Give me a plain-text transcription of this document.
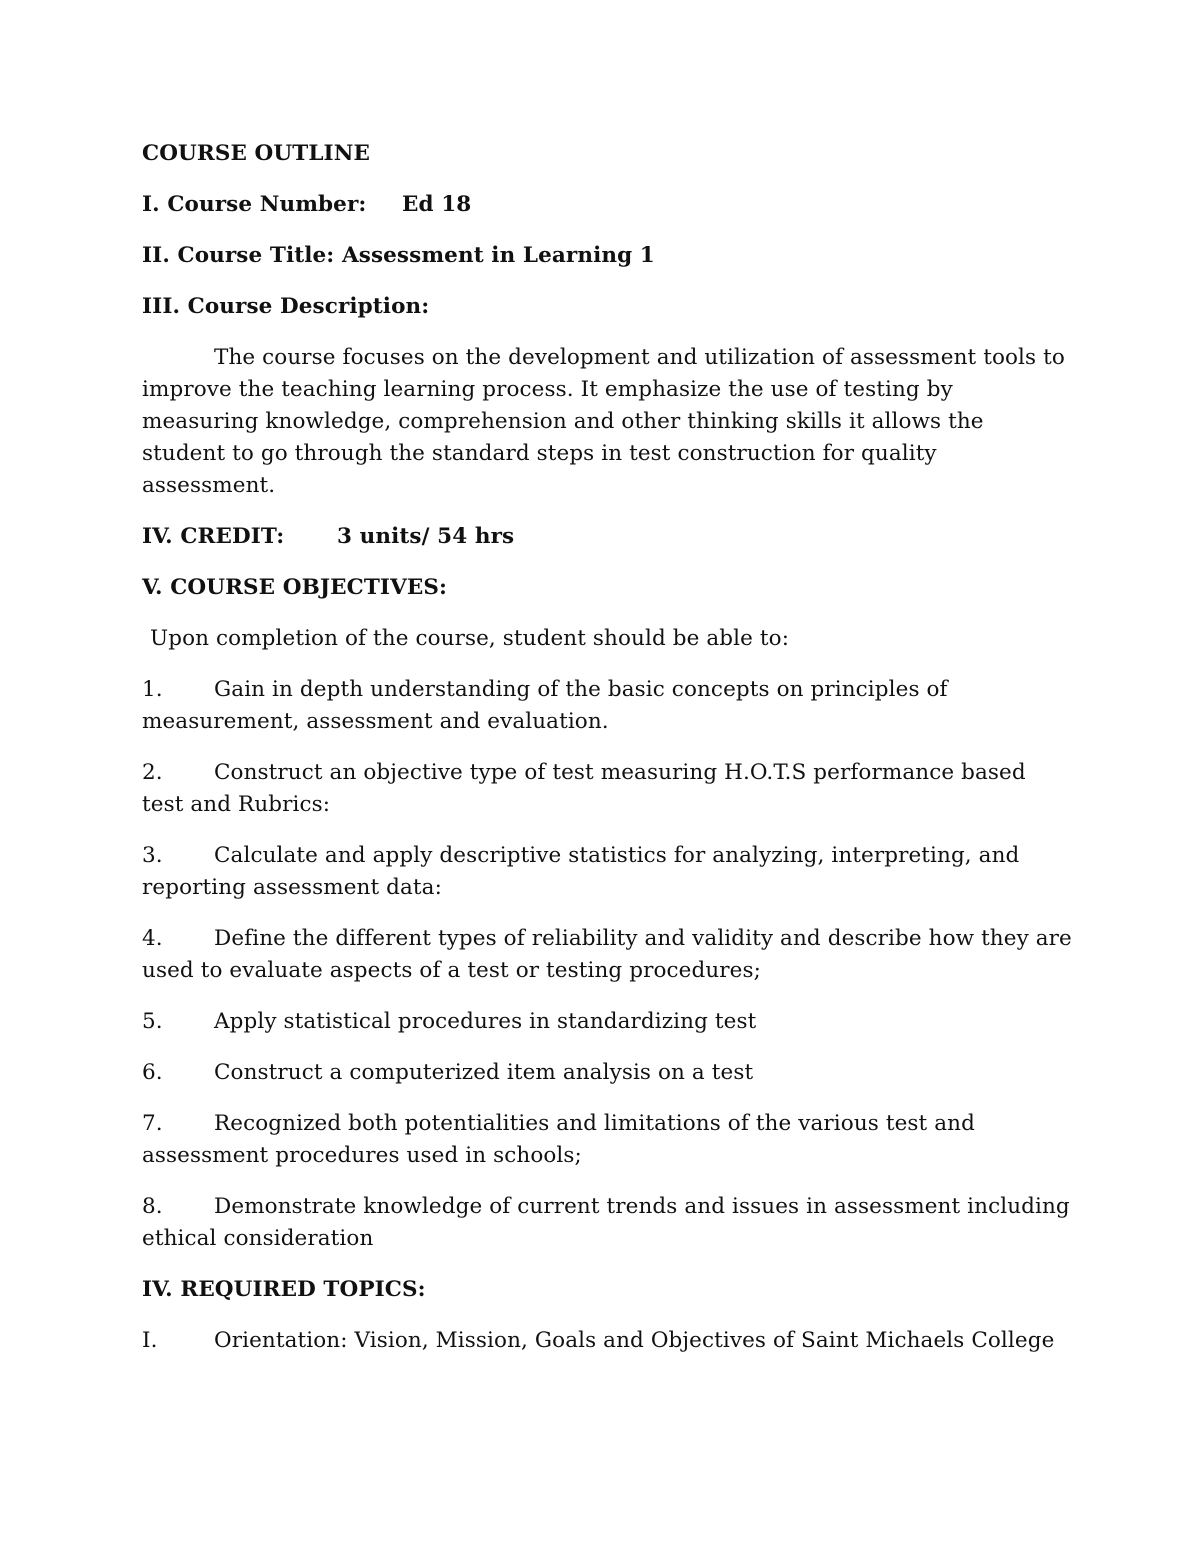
COURSE OUTLINE

I. Course Number: Ed 18

II. Course Title: Assessment in Learning 1

III. Course Description:

The course focuses on the development and utilization of assessment tools to improve the teaching learning process. It emphasize the use of testing by measuring knowledge, comprehension and other thinking skills it allows the student to go through the standard steps in test construction for quality assessment.

IV. CREDIT: 3 units/ 54 hrs

V. COURSE OBJECTIVES:

Upon completion of the course, student should be able to:

1. Gain in depth understanding of the basic concepts on principles of measurement, assessment and evaluation.

2. Construct an objective type of test measuring H.O.T.S performance based test and Rubrics:

3. Calculate and apply descriptive statistics for analyzing, interpreting, and reporting assessment data:

4. Define the different types of reliability and validity and describe how they are used to evaluate aspects of a test or testing procedures;

5. Apply statistical procedures in standardizing test

6. Construct a computerized item analysis on a test

7. Recognized both potentialities and limitations of the various test and assessment procedures used in schools;

8. Demonstrate knowledge of current trends and issues in assessment including ethical consideration

IV. REQUIRED TOPICS:

I.	Orientation: Vision, Mission, Goals and Objectives of Saint Michaels College
